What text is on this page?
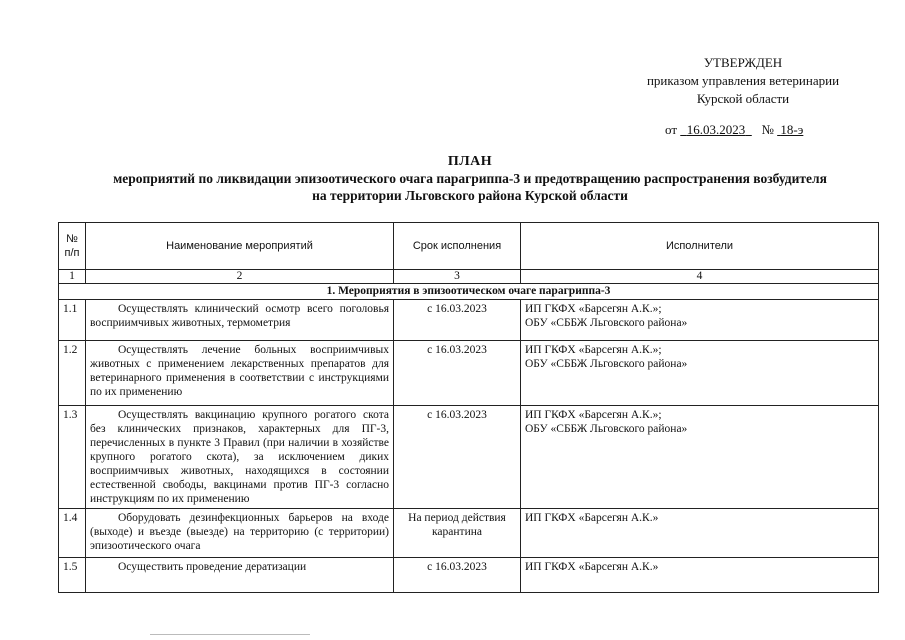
УТВЕРЖДЕН
приказом управления ветеринарии
Курской области
от 16.03.2023 № 18-э
ПЛАН
мероприятий по ликвидации эпизоотического очага парагриппа-3 и предотвращению распространения возбудителя
на территории Льговского района Курской области
№ п/п	Наименование мероприятий	Срок исполнения	Исполнители
1	2	3	4
1. Мероприятия в эпизоотическом очаге парагриппа-3			
1.1	Осуществлять клинический осмотр всего поголовья восприимчивых животных, термометрия	с 16.03.2023	ИП ГКФХ «Барсегян А.К.»;
ОБУ «СББЖ Льговского района»

1.2	Осуществлять лечение больных восприимчивых животных с применением лекарственных препаратов для ветеринарного применения в соответствии с инструкциями по их применению	с 16.03.2023	ИП ГКФХ «Барсегян А.К.»;
ОБУ «СББЖ Льговского района»

1.3	Осуществлять вакцинацию крупного рогатого скота без клинических признаков, характерных для ПГ-3, перечисленных в пункте 3 Правил (при наличии в хозяйстве крупного рогатого скота), за исключением диких восприимчивых животных, находящихся в состоянии естественной свободы, вакцинами против ПГ-3 согласно инструкциям по их применению	с 16.03.2023	ИП ГКФХ «Барсегян А.К.»;
ОБУ «СББЖ Льговского района»

1.4	Оборудовать дезинфекционных барьеров на входе (выходе) и въезде (выезде) на территорию (с территории) эпизоотического очага	На период действия карантина	ИП ГКФХ «Барсегян А.К.»

1.5	Осуществить проведение дератизации	с 16.03.2023	ИП ГКФХ «Барсегян А.К.»
